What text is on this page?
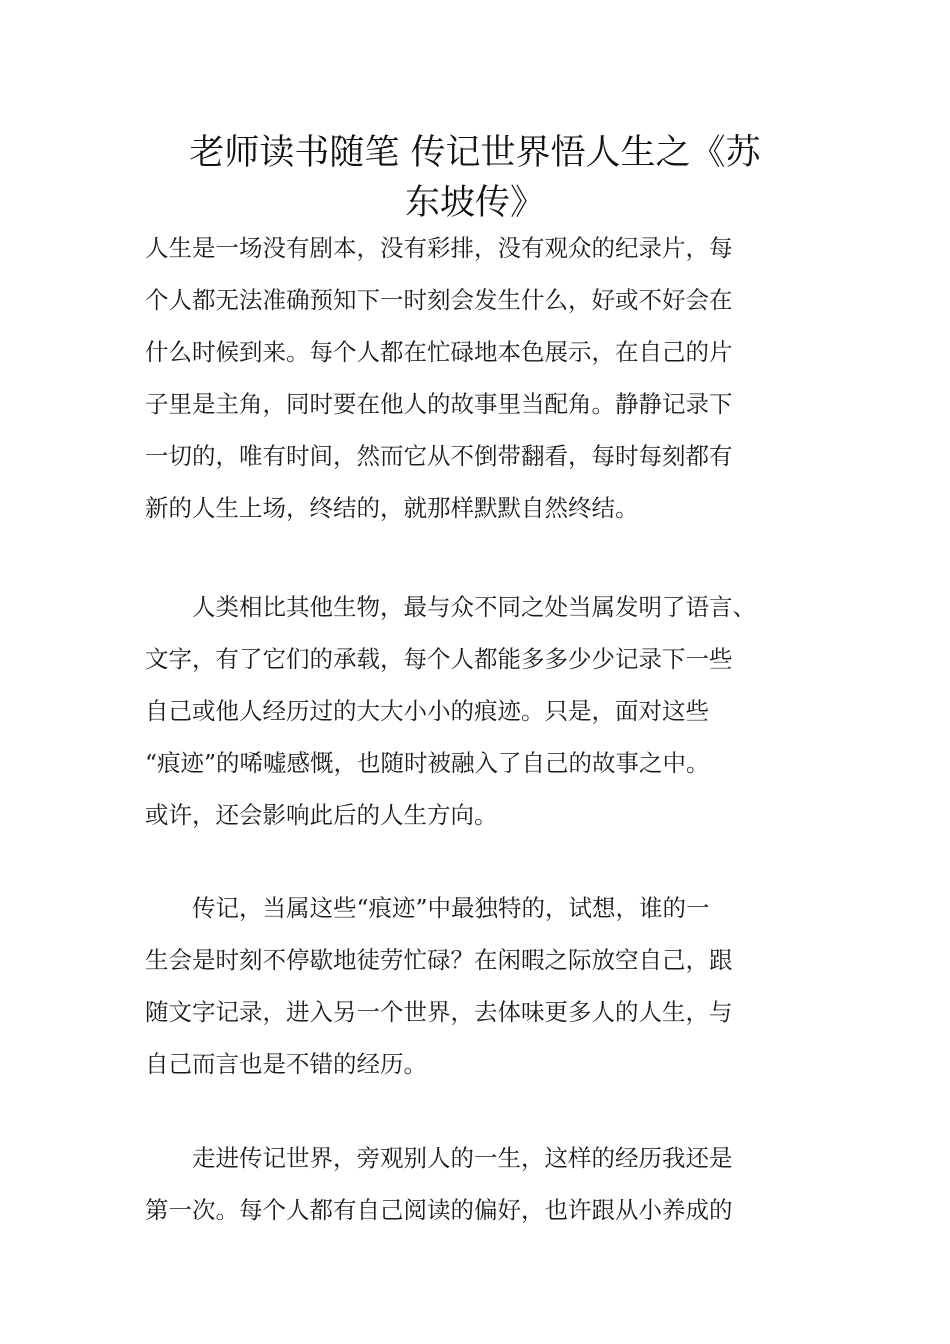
老师读书随笔 传记世界悟人生之《苏
东坡传》
人生是一场没有剧本，没有彩排，没有观众的纪录片，每
个人都无法准确预知下一时刻会发生什么，好或不好会在
什么时候到来。每个人都在忙碌地本色展示，在自己的片
子里是主角，同时要在他人的故事里当配角。静静记录下
一切的，唯有时间，然而它从不倒带翻看，每时每刻都有
新的人生上场，终结的，就那样默默自然终结。
　　人类相比其他生物，最与众不同之处当属发明了语言、
文字，有了它们的承载，每个人都能多多少少记录下一些
自己或他人经历过的大大小小的痕迹。只是，面对这些
“痕迹”的唏嘘感慨，也随时被融入了自己的故事之中。
或许，还会影响此后的人生方向。
　　传记，当属这些“痕迹”中最独特的，试想，谁的一
生会是时刻不停歇地徒劳忙碌？在闲暇之际放空自己，跟
随文字记录，进入另一个世界，去体味更多人的人生，与
自己而言也是不错的经历。
　　走进传记世界，旁观别人的一生，这样的经历我还是
第一次。每个人都有自己阅读的偏好，也许跟从小养成的
